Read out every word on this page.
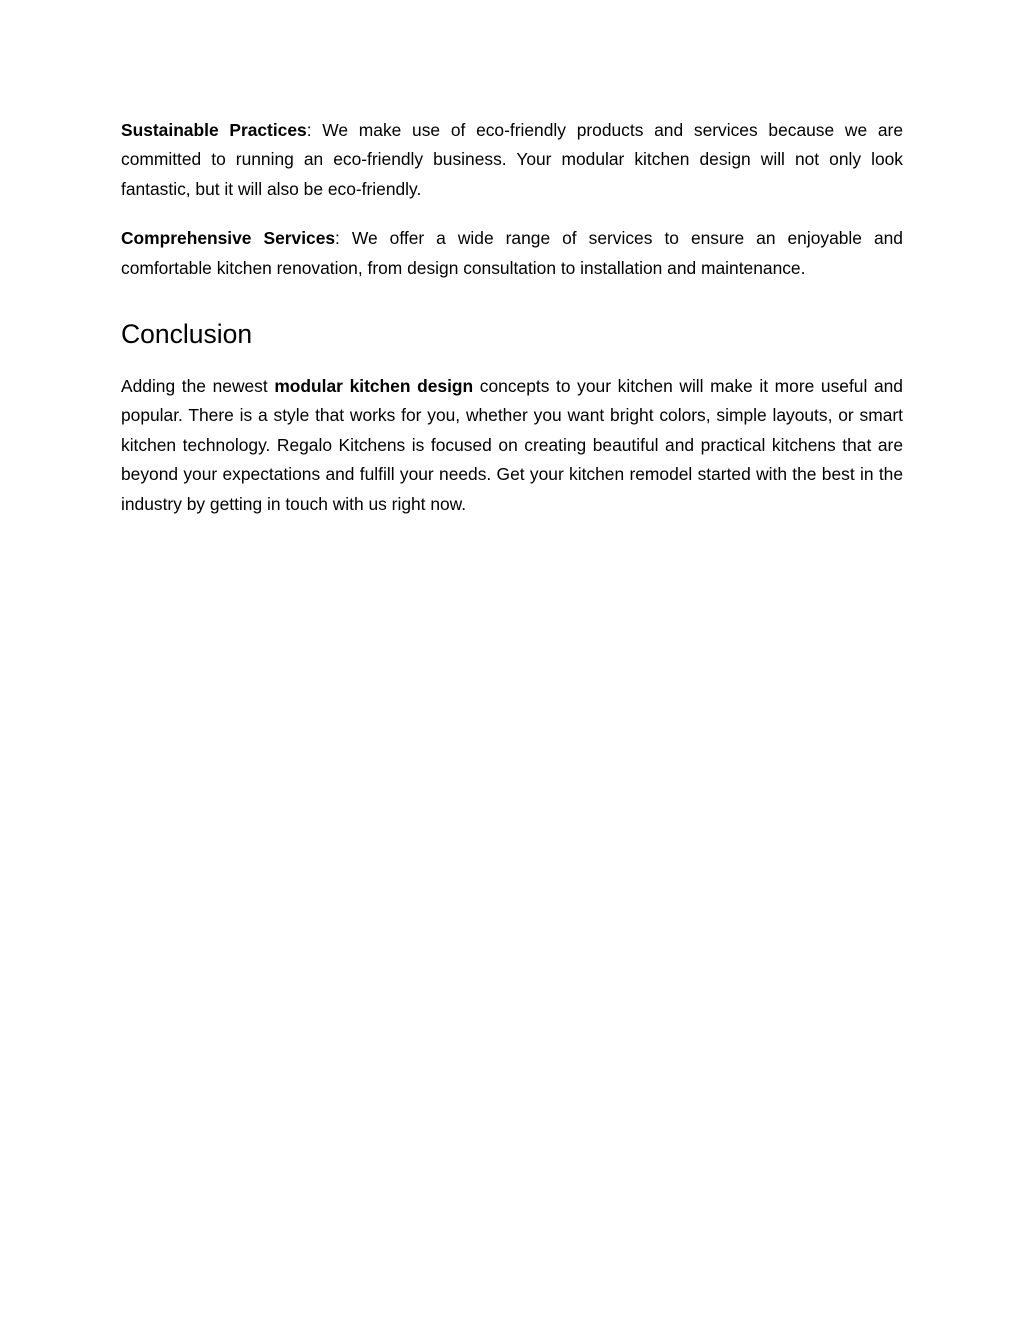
Sustainable Practices: We make use of eco-friendly products and services because we are committed to running an eco-friendly business. Your modular kitchen design will not only look fantastic, but it will also be eco-friendly.

Comprehensive Services: We offer a wide range of services to ensure an enjoyable and comfortable kitchen renovation, from design consultation to installation and maintenance.

Conclusion

Adding the newest modular kitchen design concepts to your kitchen will make it more useful and popular. There is a style that works for you, whether you want bright colors, simple layouts, or smart kitchen technology. Regalo Kitchens is focused on creating beautiful and practical kitchens that are beyond your expectations and fulfill your needs. Get your kitchen remodel started with the best in the industry by getting in touch with us right now.
